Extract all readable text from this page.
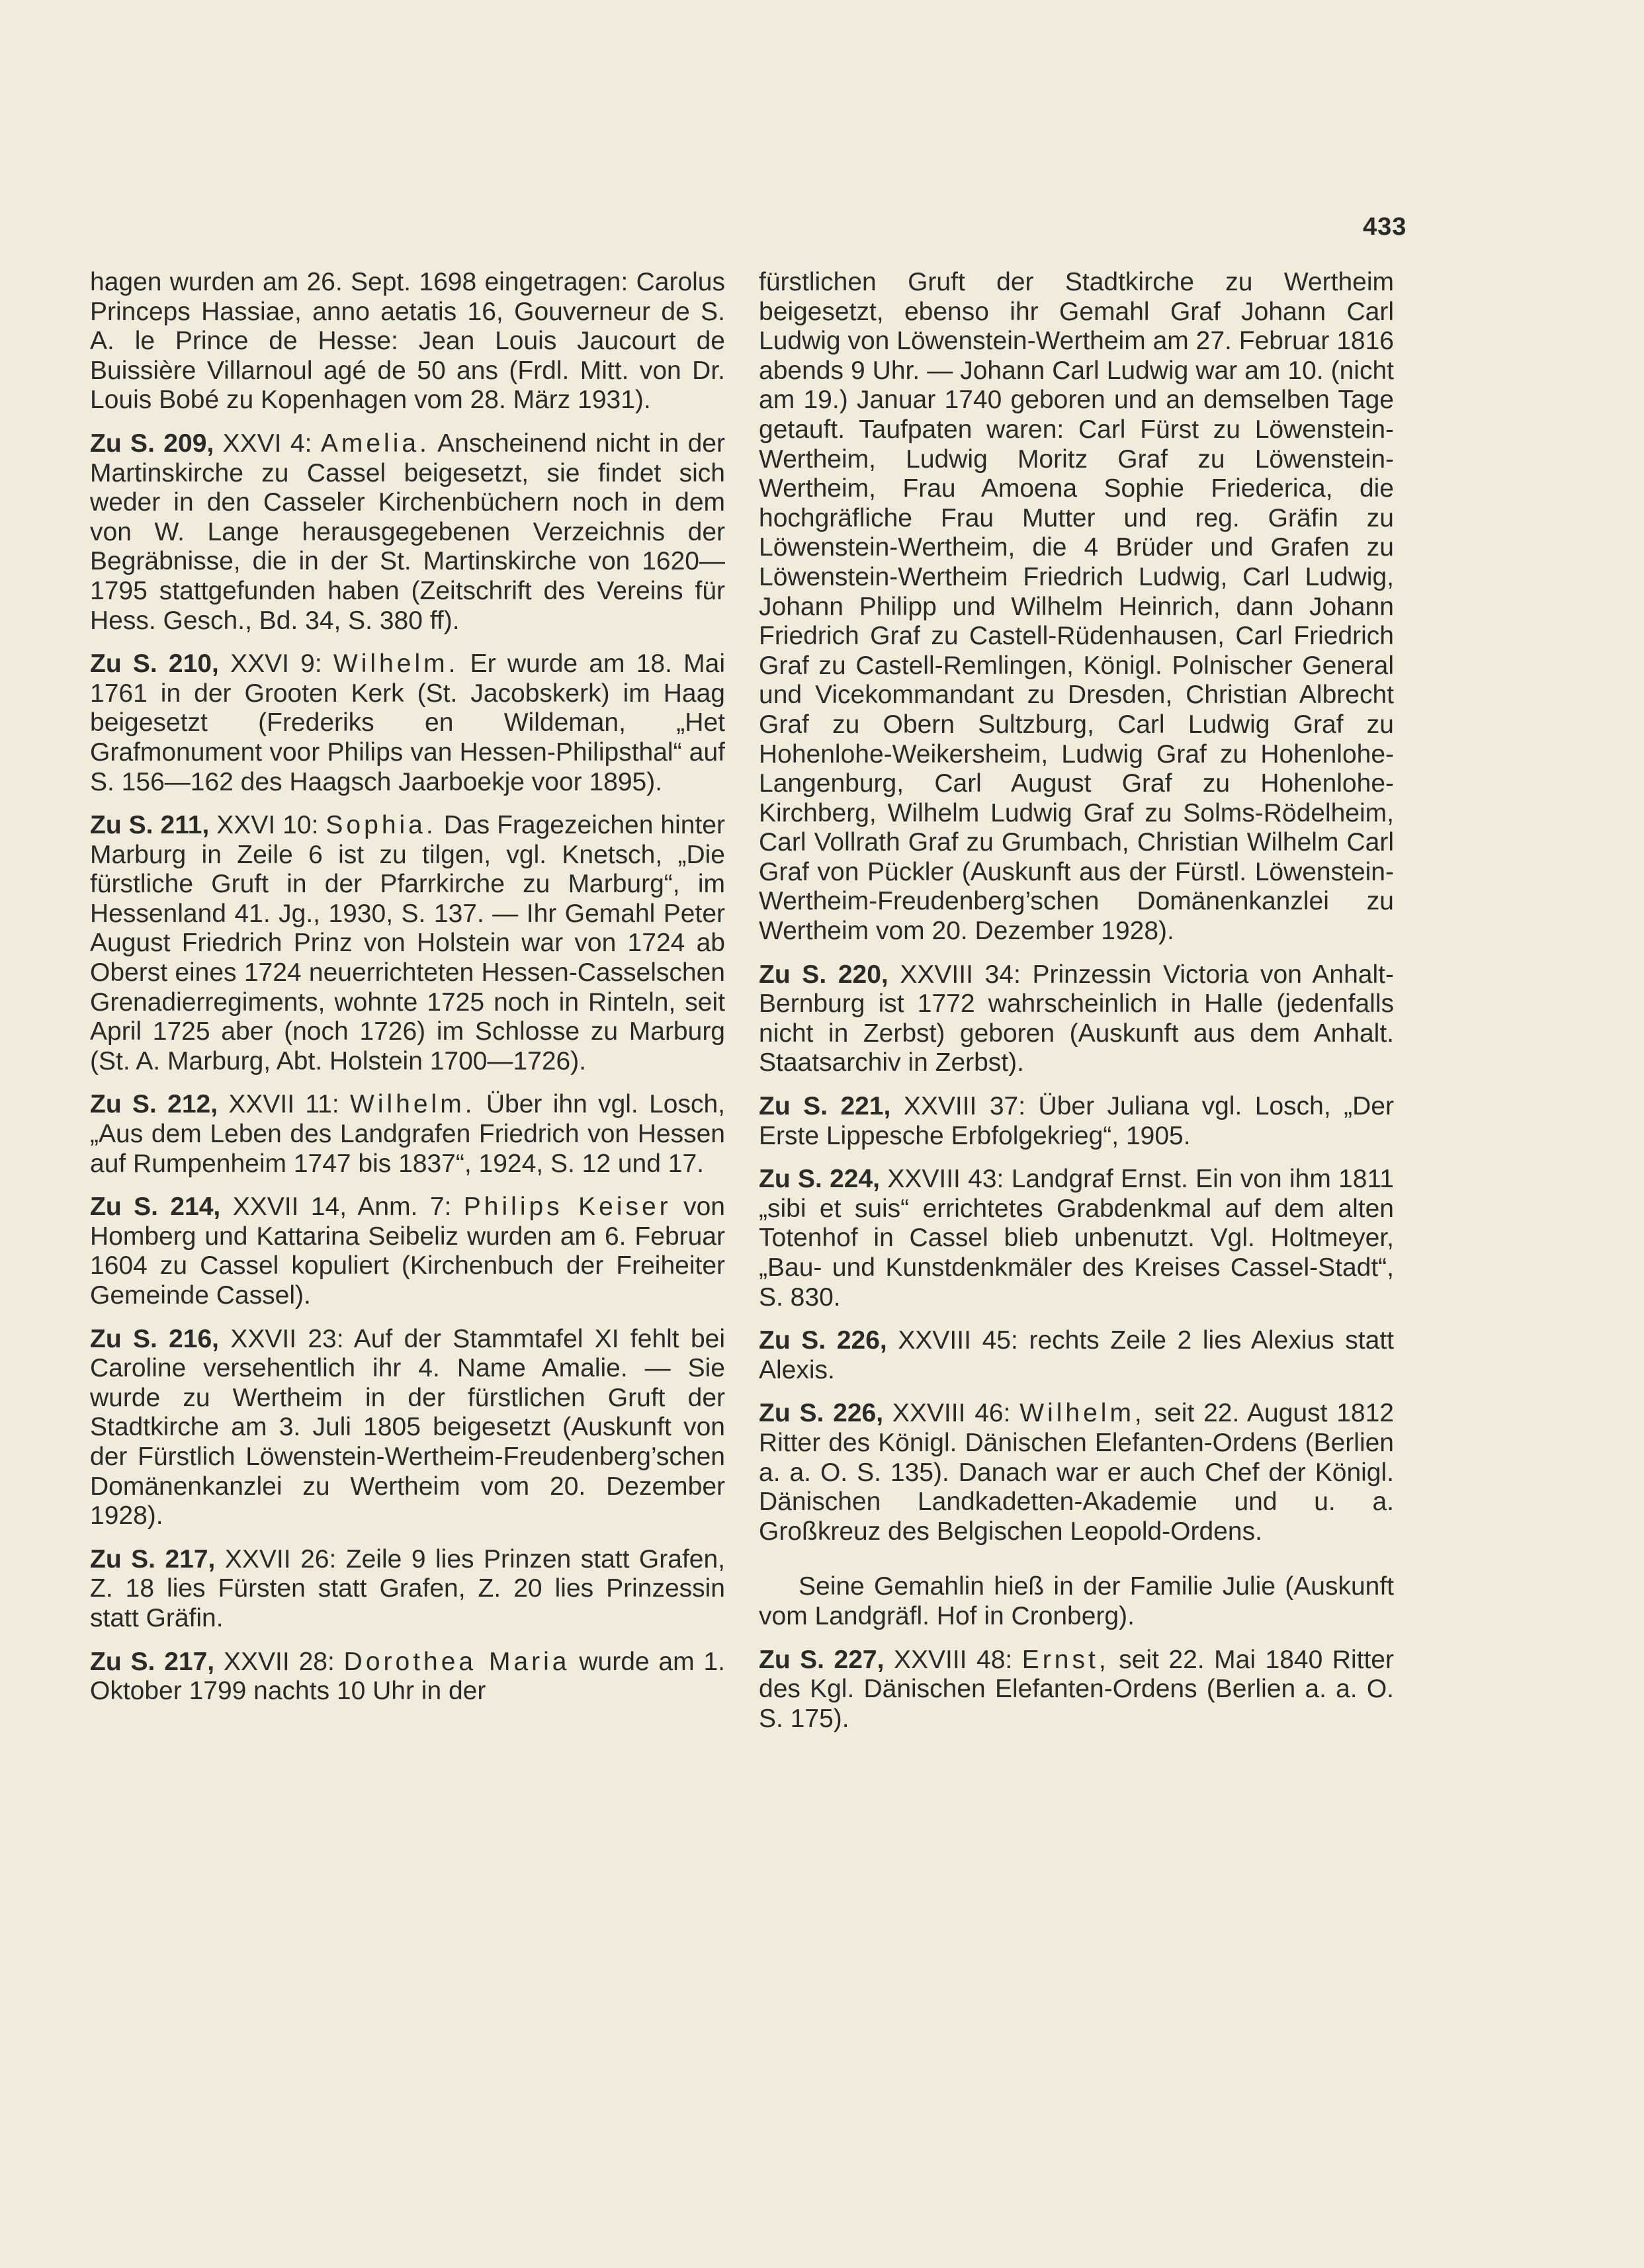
433

hagen wurden am 26. Sept. 1698 eingetragen: Carolus Princeps Hassiae, anno aetatis 16, Gouverneur de S. A. le Prince de Hesse: Jean Louis Jaucourt de Buissière Villarnoul agé de 50 ans (Frdl. Mitt. von Dr. Louis Bobé zu Kopenhagen vom 28. März 1931).

Zu S. 209, XXVI 4: Amelia. Anscheinend nicht in der Martinskirche zu Cassel beigesetzt, sie findet sich weder in den Casseler Kirchenbüchern noch in dem von W. Lange herausgegebenen Verzeichnis der Begräbnisse, die in der St. Martinskirche von 1620—1795 stattgefunden haben (Zeitschrift des Vereins für Hess. Gesch., Bd. 34, S. 380 ff).

Zu S. 210, XXVI 9: Wilhelm. Er wurde am 18. Mai 1761 in der Grooten Kerk (St. Jacobskerk) im Haag beigesetzt (Frederiks en Wildeman, „Het Grafmonument voor Philips van Hessen-Philipsthal“ auf S. 156—162 des Haagsch Jaarboekje voor 1895).

Zu S. 211, XXVI 10: Sophia. Das Fragezeichen hinter Marburg in Zeile 6 ist zu tilgen, vgl. Knetsch, „Die fürstliche Gruft in der Pfarrkirche zu Marburg“, im Hessenland 41. Jg., 1930, S. 137. — Ihr Gemahl Peter August Friedrich Prinz von Holstein war von 1724 ab Oberst eines 1724 neuerrichteten Hessen-Casselschen Grenadierregiments, wohnte 1725 noch in Rinteln, seit April 1725 aber (noch 1726) im Schlosse zu Marburg (St. A. Marburg, Abt. Holstein 1700—1726).

Zu S. 212, XXVII 11: Wilhelm. Über ihn vgl. Losch, „Aus dem Leben des Landgrafen Friedrich von Hessen auf Rumpenheim 1747 bis 1837“, 1924, S. 12 und 17.

Zu S. 214, XXVII 14, Anm. 7: Philips Keiser von Homberg und Kattarina Seibeliz wurden am 6. Februar 1604 zu Cassel kopuliert (Kirchenbuch der Freiheiter Gemeinde Cassel).

Zu S. 216, XXVII 23: Auf der Stammtafel XI fehlt bei Caroline versehentlich ihr 4. Name Amalie. — Sie wurde zu Wertheim in der fürstlichen Gruft der Stadtkirche am 3. Juli 1805 beigesetzt (Auskunft von der Fürstlich Löwenstein-Wertheim-Freudenberg’schen Domänenkanzlei zu Wertheim vom 20. Dezember 1928).

Zu S. 217, XXVII 26: Zeile 9 lies Prinzen statt Grafen, Z. 18 lies Fürsten statt Grafen, Z. 20 lies Prinzessin statt Gräfin.

Zu S. 217, XXVII 28: Dorothea Maria wurde am 1. Oktober 1799 nachts 10 Uhr in der

fürstlichen Gruft der Stadtkirche zu Wertheim beigesetzt, ebenso ihr Gemahl Graf Johann Carl Ludwig von Löwenstein-Wertheim am 27. Februar 1816 abends 9 Uhr. — Johann Carl Ludwig war am 10. (nicht am 19.) Januar 1740 geboren und an demselben Tage getauft. Taufpaten waren: Carl Fürst zu Löwenstein-Wertheim, Ludwig Moritz Graf zu Löwenstein-Wertheim, Frau Amoena Sophie Friederica, die hochgräfliche Frau Mutter und reg. Gräfin zu Löwenstein-Wertheim, die 4 Brüder und Grafen zu Löwenstein-Wertheim Friedrich Ludwig, Carl Ludwig, Johann Philipp und Wilhelm Heinrich, dann Johann Friedrich Graf zu Castell-Rüdenhausen, Carl Friedrich Graf zu Castell-Remlingen, Königl. Polnischer General und Vicekommandant zu Dresden, Christian Albrecht Graf zu Obern Sultzburg, Carl Ludwig Graf zu Hohenlohe-Weikersheim, Ludwig Graf zu Hohenlohe-Langenburg, Carl August Graf zu Hohenlohe-Kirchberg, Wilhelm Ludwig Graf zu Solms-Rödelheim, Carl Vollrath Graf zu Grumbach, Christian Wilhelm Carl Graf von Pückler (Auskunft aus der Fürstl. Löwenstein-Wertheim-Freudenberg’schen Domänenkanzlei zu Wertheim vom 20. Dezember 1928).

Zu S. 220, XXVIII 34: Prinzessin Victoria von Anhalt-Bernburg ist 1772 wahrscheinlich in Halle (jedenfalls nicht in Zerbst) geboren (Auskunft aus dem Anhalt. Staatsarchiv in Zerbst).

Zu S. 221, XXVIII 37: Über Juliana vgl. Losch, „Der Erste Lippesche Erbfolgekrieg“, 1905.

Zu S. 224, XXVIII 43: Landgraf Ernst. Ein von ihm 1811 „sibi et suis“ errichtetes Grabdenkmal auf dem alten Totenhof in Cassel blieb unbenutzt. Vgl. Holtmeyer, „Bau- und Kunstdenkmäler des Kreises Cassel-Stadt“, S. 830.

Zu S. 226, XXVIII 45: rechts Zeile 2 lies Alexius statt Alexis.

Zu S. 226, XXVIII 46: Wilhelm, seit 22. August 1812 Ritter des Königl. Dänischen Elefanten-Ordens (Berlien a. a. O. S. 135). Danach war er auch Chef der Königl. Dänischen Landkadetten-Akademie und u. a. Großkreuz des Belgischen Leopold-Ordens.

Seine Gemahlin hieß in der Familie Julie (Auskunft vom Landgräfl. Hof in Cronberg).

Zu S. 227, XXVIII 48: Ernst, seit 22. Mai 1840 Ritter des Kgl. Dänischen Elefanten-Ordens (Berlien a. a. O. S. 175).
